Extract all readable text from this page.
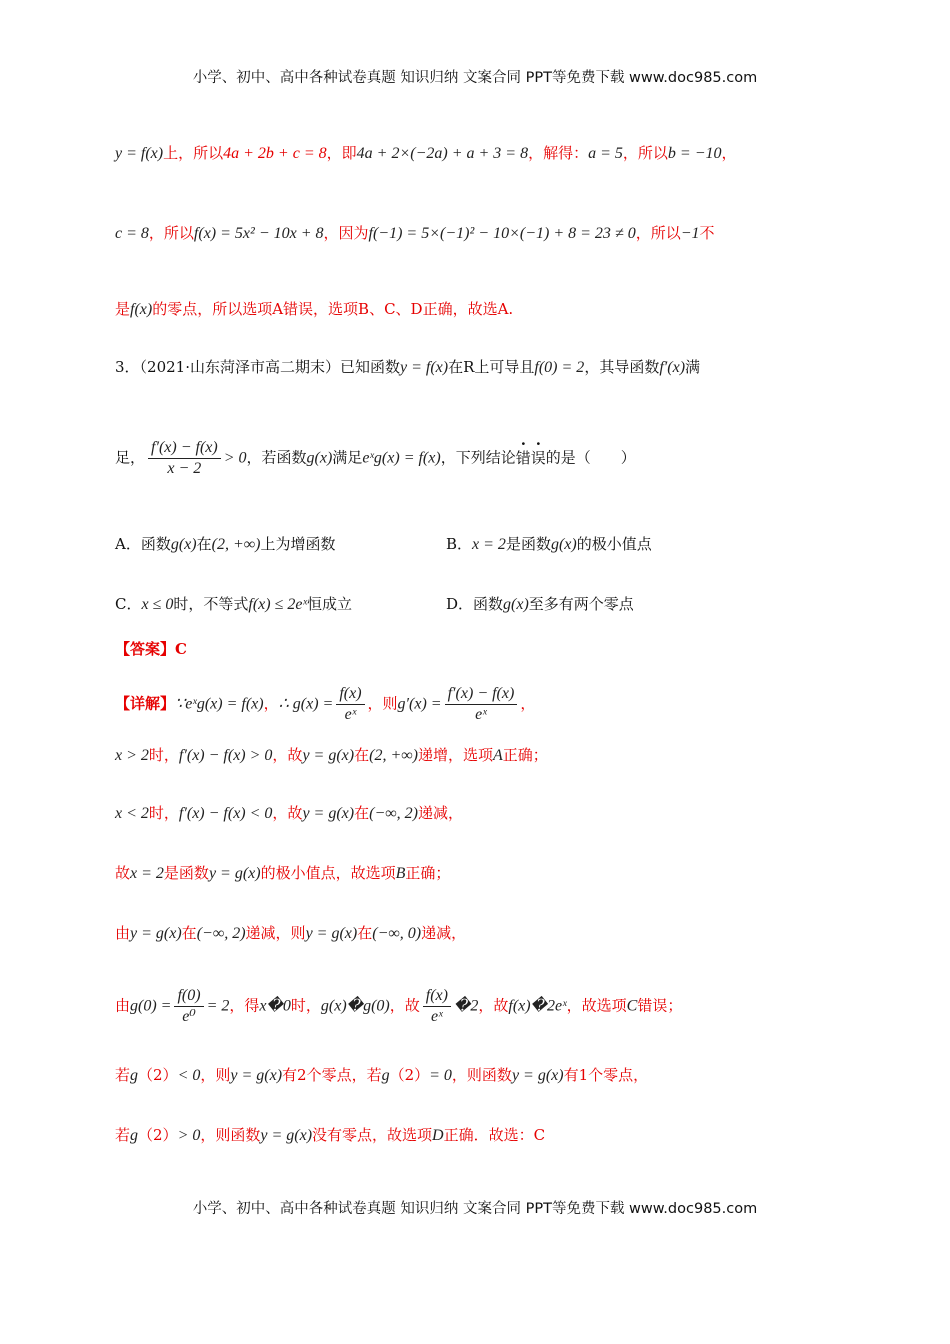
小学、初中、高中各种试卷真题 知识归纳 文案合同 PPT等免费下载 www.doc985.com
y = f(x)上，所以4a + 2b + c = 8，即4a + 2×(−2a) + a + 3 = 8，解得：a = 5，所以b = −10，
c = 8，所以f(x) = 5x² − 10x + 8，因为f(−1) = 5×(−1)² − 10×(−1) + 8 = 23 ≠ 0，所以−1不
是f(x)的零点，所以选项A错误，选项B、C、D正确，故选A.
3．（2021·山东菏泽市高二期末）已知函数y = f(x)在R上可导且f(0) = 2，其导函数f′(x)满
足， $\frac{f'(x) - f(x)}{x - 2} > 0$，若函数g(x)满足eˣg(x) = f(x)，下列结论错误的是（　　）
A．函数g(x)在(2, +∞)上为增函数	B．x = 2是函数g(x)的极小值点
C．x ≤ 0时，不等式f(x) ≤ 2eˣ恒成立	D．函数g(x)至多有两个零点
【答案】C
【详解】∵eˣg(x) = f(x)，∴ $g(x) = \frac{f(x)}{\text{eˣ}}$ ，则$g'(x) = \frac{f'(x) - f(x)}{\text{eˣ}}$ ，
x > 2时，f′(x) − f(x) > 0，故y = g(x)在(2, +∞)递增，选项A正确；
x < 2时，f′(x) − f(x) < 0，故y = g(x)在(−∞, 2)递减，
故x = 2是函数y = g(x)的极小值点，故选项B正确；
由y = g(x)在(−∞, 2)递减，则y = g(x)在(−∞, 0)递减，
由$g(0) = \frac{f(0)}{\text{e⁰}} = 2$，得x�0时，g(x)�g(0)，故 $\frac{f(x)}{\text{eˣ}}$ �2，故f(x)�2eˣ，故选项C错误；
若g（2）< 0，则y = g(x)有2个零点，若g（2）= 0，则函数y = g(x)有1个零点，
若g（2）> 0，则函数y = g(x)没有零点，故选项D正确．故选：C
小学、初中、高中各种试卷真题 知识归纳 文案合同 PPT等免费下载 www.doc985.com
